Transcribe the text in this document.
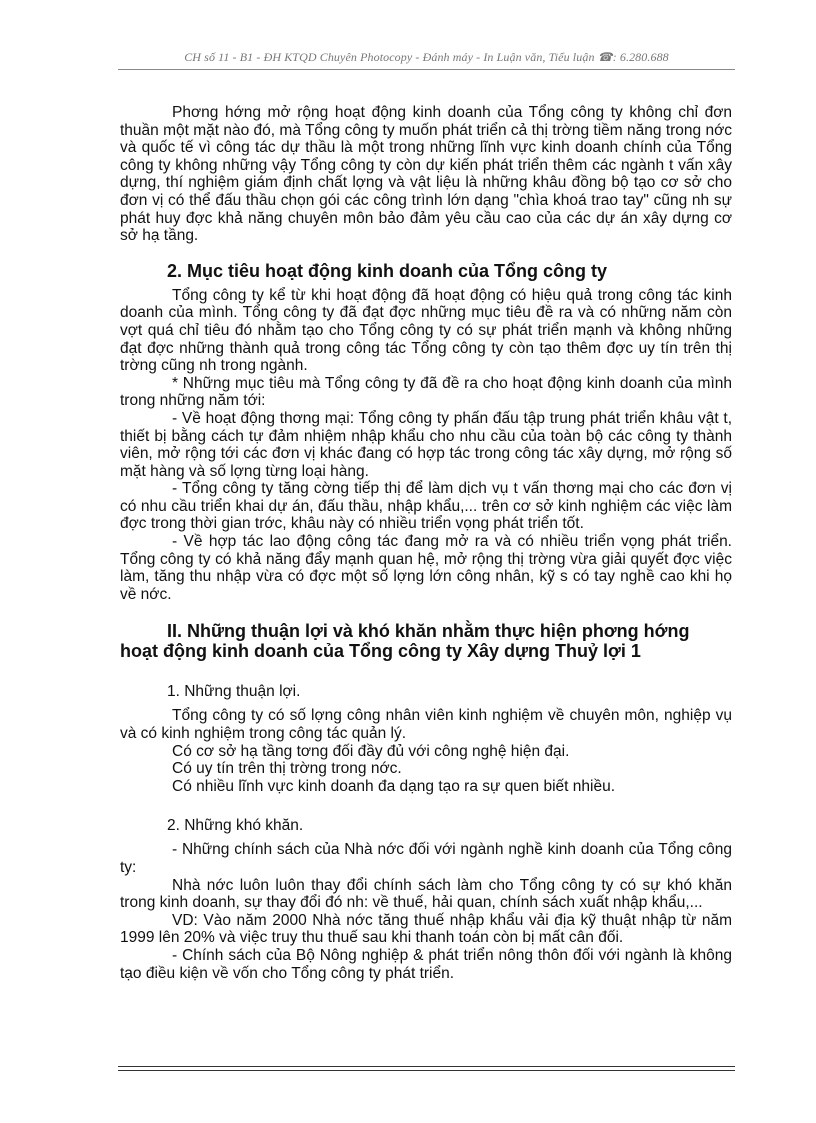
CH số 11 - B1 - ĐH KTQD Chuyên Photocopy - Đánh máy - In Luận văn, Tiểu luận ☎: 6.280.688

Phơng hớng mở rộng hoạt động kinh doanh của Tổng công ty không chỉ đơn thuần một mặt nào đó, mà Tổng công ty muốn phát triển cả thị trờng tiềm năng trong nớc và quốc tế vì công tác dự thầu là một trong những lĩnh vực kinh doanh chính của Tổng công ty không những vậy Tổng công ty còn dự kiến phát triển thêm các ngành t vấn xây dựng, thí nghiệm giám định chất lợng và vật liệu là những khâu đồng bộ tạo cơ sở cho đơn vị có thể đấu thầu chọn gói các công trình lớn dạng "chìa khoá trao tay" cũng nh sự phát huy đợc khả năng chuyên môn bảo đảm yêu cầu cao của các dự án xây dựng cơ sở hạ tầng.

2. Mục tiêu hoạt động kinh doanh của Tổng công ty

Tổng công ty kể từ khi hoạt động đã hoạt động có hiệu quả trong công tác kinh doanh của mình. Tổng công ty đã đạt đợc những mục tiêu đề ra và có những năm còn vợt quá chỉ tiêu đó nhằm tạo cho Tổng công ty có sự phát triển mạnh và không những đạt đợc những thành quả trong công tác Tổng công ty còn tạo thêm đợc uy tín trên thị trờng cũng nh trong ngành.

* Những mục tiêu mà Tổng công ty đã đề ra cho hoạt động kinh doanh của mình trong những năm tới:

- Về hoạt động thơng mại: Tổng công ty phấn đấu tập trung phát triển khâu vật t, thiết bị bằng cách tự đảm nhiệm nhập khẩu cho nhu cầu của toàn bộ các công ty thành viên, mở rộng tới các đơn vị khác đang có hợp tác trong công tác xây dựng, mở rộng số mặt hàng và số lợng từng loại hàng.

- Tổng công ty tăng cờng tiếp thị để làm dịch vụ t vấn thơng mại cho các đơn vị có nhu cầu triển khai dự án, đấu thầu, nhập khẩu,... trên cơ sở kinh nghiệm các việc làm đợc trong thời gian trớc, khâu này có nhiều triển vọng phát triển tốt.

- Về hợp tác lao động công tác đang mở ra và có nhiều triển vọng phát triển. Tổng công ty có khả năng đẩy mạnh quan hệ, mở rộng thị trờng vừa giải quyết đợc việc làm, tăng thu nhập vừa có đợc một số lợng lớn công nhân, kỹ s có tay nghề cao khi họ về nớc.

II. Những thuận lợi và khó khăn nhằm thực hiện phơng hớng
hoạt động kinh doanh của Tổng công ty Xây dựng Thuỷ lợi 1
1. Những thuận lợi.

Tổng công ty có số lợng công nhân viên kinh nghiệm về chuyên môn, nghiệp vụ và có kinh nghiệm trong công tác quản lý.

Có cơ sở hạ tầng tơng đối đầy đủ với công nghệ hiện đại.

Có uy tín trên thị trờng trong nớc.

Có nhiều lĩnh vực kinh doanh đa dạng tạo ra sự quen biết nhiều.

2. Những khó khăn.

- Những chính sách của Nhà nớc đối với ngành nghề kinh doanh của Tổng công ty:

Nhà nớc luôn luôn thay đổi chính sách làm cho Tổng công ty có sự khó khăn trong kinh doanh, sự thay đổi đó nh: về thuế, hải quan, chính sách xuất nhập khẩu,...

VD: Vào năm 2000 Nhà nớc tăng thuế nhập khẩu vải địa kỹ thuật nhập từ năm 1999 lên 20% và việc truy thu thuế sau khi thanh toán còn bị mất cân đối.

- Chính sách của Bộ Nông nghiệp & phát triển nông thôn đối với ngành là không tạo điều kiện về vốn cho Tổng công ty phát triển.
